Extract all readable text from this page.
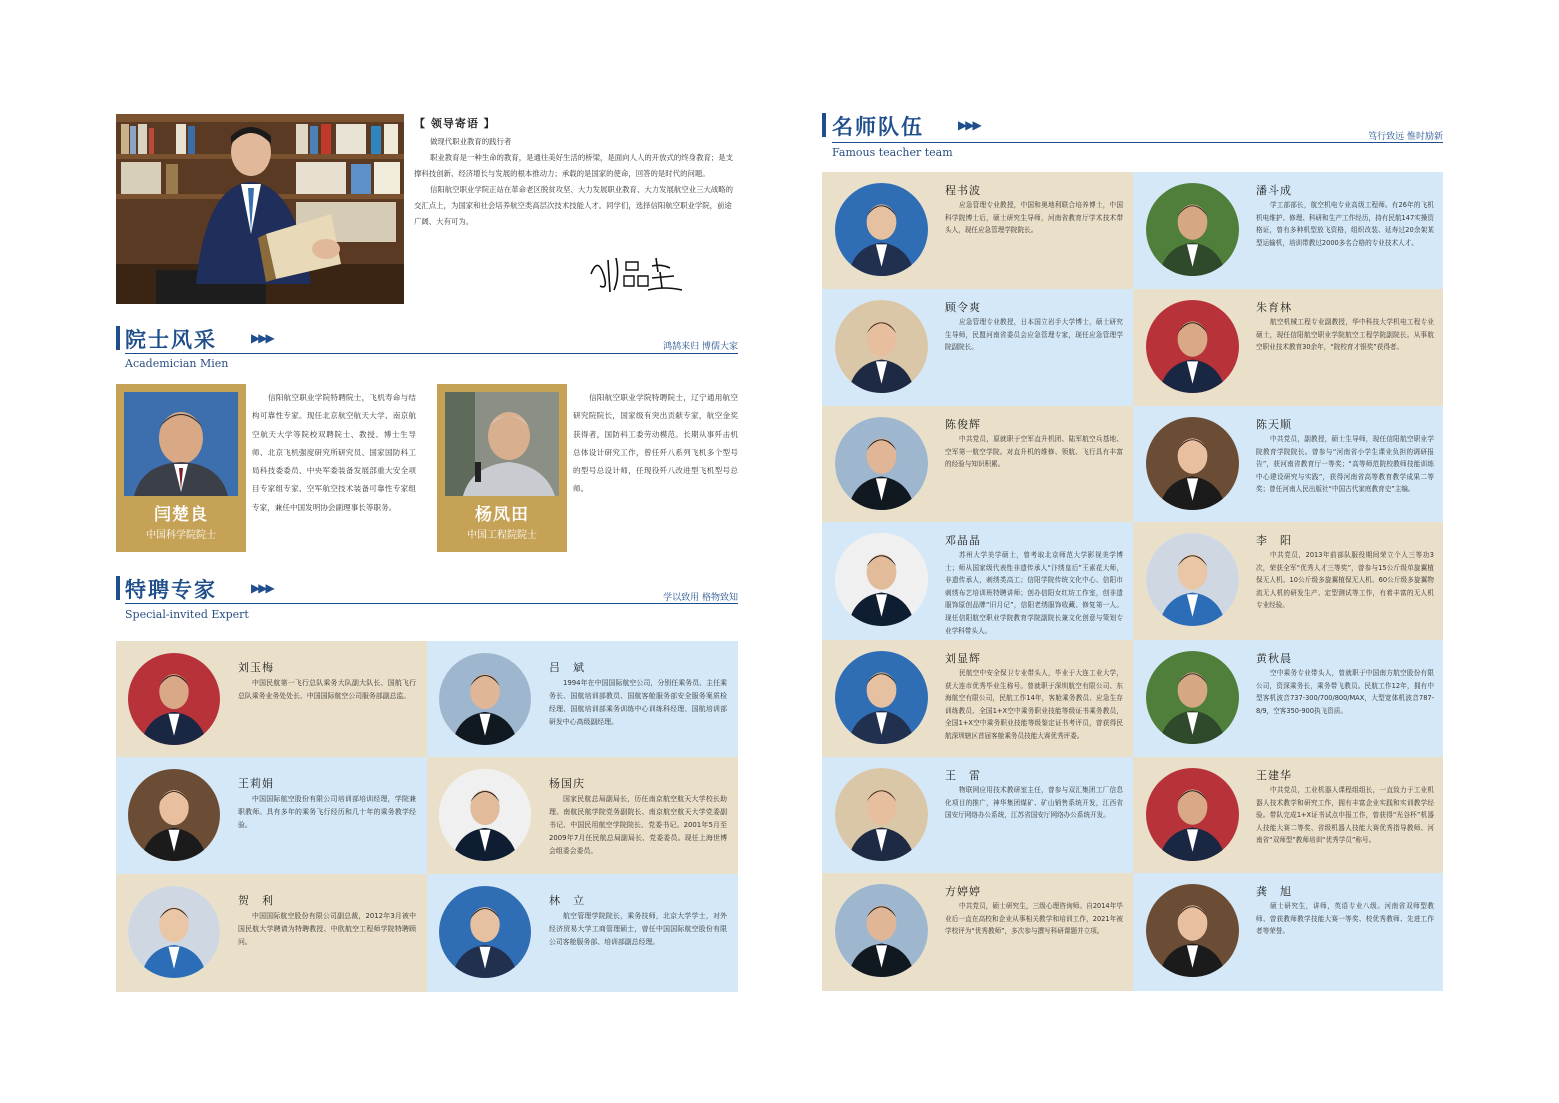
【 领导寄语 】

做现代职业教育的践行者

职业教育是一种生命的教育，是通往美好生活的桥梁，是面向人人的开放式的终身教育；是支撑科技创新、经济增长与发展的根本推动力；承载的是国家的使命，回答的是时代的问题。

信阳航空职业学院正站在革命老区脱贫攻坚、大力发展职业教育、大力发展航空业三大战略的交汇点上，为国家和社会培养航空类高层次技术技能人才。同学们，选择信阳航空职业学院，前途广阔、大有可为。

院士风采	▶▶▶
鸿鹄来归 博儒大家
Academician Mien
闫楚良
中国科学院院士
信阳航空职业学院特聘院士，飞机寿命与结构可靠性专家。现任北京航空航天大学、南京航空航天大学等院校双聘院士、教授、博士生导师、北京飞机强度研究所研究员、国家国防科工局科技委委员、中央军委装备发展部重大安全项目专家组专家、空军航空技术装备可靠性专家组专家，兼任中国发明协会副理事长等职务。	杨凤田
中国工程院院士
信阳航空职业学院特聘院士，辽宁通用航空研究院院长，国家级有突出贡献专家，航空金奖获得者，国防科工委劳动模范。长期从事歼击机总体设计研究工作，曾任歼八系列飞机多个型号的型号总设计师，任现役歼八改进型飞机型号总师。
特聘专家	▶▶▶
学以致用 格物致知
Special-invited Expert
刘玉梅
中国民航第一飞行总队乘务大队副大队长、国航飞行总队乘务业务处处长、中国国际航空公司服务部副总监。
吕　斌
1994年在中国国际航空公司，分别任乘务员、主任乘务长、国航培训部教员、国航客舱服务部安全服务案质检经理、国航培训部乘务训练中心训练科经理、国航培训部研发中心高级副经理。
王莉娟
中国国际航空股份有限公司培训部培训经理，学院兼职教师。具有多年的乘务飞行经历和几十年的乘务教学经验。
杨国庆
国家民航总局副局长，历任南京航空航天大学校长助理、南航民航学院党务副院长、南京航空航天大学党委副书记、中国民用航空学院院长、党委书记。2001年5月至2009年7月任民航总局副局长、党委委员。现任上海世博会组委会委员。
贺　利
中国国际航空股份有限公司副总裁，2012年3月被中国民航大学聘请为特聘教授、中欧航空工程师学院特聘顾问。
林　立
航空管理学院院长，乘务技师，北京大学学士，对外经济贸易大学工商管理硕士，曾任中国国际航空股份有限公司客舱服务部、培训部副总经理。
名师队伍	▶▶▶
笃行致远 惟时励新
Famous teacher team
程书波
应急管理专业教授，中国和奥地利联合培养博士，中国科学院博士后，硕士研究生导师，河南省教育厅学术技术带头人，现任应急管理学院院长。
潘斗成
学工部部长，航空机电专业高级工程师。有26年的飞机机电维护、修理、科研和生产工作经历，持有民航147实操资格证，曾有多种机型放飞资格，组织改装、延寿过20余架某型运输机，培训带教过2000多名合格的专业技术人才。
顾令爽
应急管理专业教授，日本国立岩手大学博士，硕士研究生导师，民盟河南省委员会应急管理专家，现任应急管理学院副院长。
朱育林
航空机械工程专业副教授，华中科技大学机电工程专业硕士，现任信阳航空职业学院航空工程学院副院长。从事航空职业技术教育30余年，“院校育才银奖”获得者。
陈俊辉
中共党员，原就职于空军直升机团、陆军航空兵基地、空军第一航空学院。对直升机的维修、领航、飞行具有丰富的经验与知识积累。
陈天顺
中共党员，副教授，硕士生导师，现任信阳航空职业学院教育学院院长。曾参与“河南省小学生课业负担的调研报告”，获河南省教育厅一等奖；“高等师范院校教师技能训练中心建设研究与实践”，获得河南省高等教育教学成果二等奖；曾任河南人民出版社“中国古代家庭教育史”主编。
邓晶晶
苏州大学美学硕士，曾考取北京师范大学影视美学博士；师从国家级代表性非遗传承人“汴绣皇后”王素花大师，非遗传承人，刺绣类高工；信阳学院传统文化中心、信阳市刺绣布艺培训班特聘讲师；创办信阳女红坊工作室，创非遗服饰原创品牌“旧月记”，信阳老绣服饰收藏、修复第一人。现任信阳航空职业学院教育学院副院长兼文化创意与策划专业学科带头人。
李　阳
中共党员，2013年前部队服役期间荣立个人三等功3次，荣获全军“优秀人才三等奖”，曾参与15公斤级单旋翼植保无人机、10公斤级多旋翼植保无人机、60公斤级多旋翼物流无人机的研发生产、定型测试等工作，有着丰富的无人机专业经验。
刘显辉
民航空中安全保卫专业带头人，毕业于大连工业大学，获大连市优秀毕业生称号。曾就职于深圳航空有限公司、东海航空有限公司，民航工作14年，客舱乘务教员、应急生存训练教员、全国1+X空中乘务职业技能等级证书乘务教员，全国1+X空中乘务职业技能等级鉴定证书考评员，曾获得民航深圳辖区首届客舱乘务员技能大赛优秀评委。
黄秋晨
空中乘务专业带头人，曾就职于中国南方航空股份有限公司，资深乘务长，乘务带飞教员。民航工作12年，拥有中型客机波音737-300/700/800/MAX，大型宽体机波音787-8/9，空客350-900执飞资质。
王　雷
物联网应用技术教研室主任，曾参与双汇集团工厂信息化项目的推广，神华集团煤矿、矿山销售系统开发，江西省国安厅网络办公系统，江苏省国安厅网络办公系统开发。
王建华
中共党员，工业机器人课程组组长，一直致力于工业机器人技术教学和研究工作，拥有丰富企业实践和实训教学经验。带队完成1+X证书试点申报工作，曾获得“光谷杯”机器人技能大赛二等奖、省级机器人技能大赛优秀指导教师、河南省“双师型”教师培训“优秀学员”称号。
方婷婷
中共党员，硕士研究生，三级心理咨询师。自2014年毕业后一直在高校和企业从事相关教学和培训工作，2021年被学校评为“优秀教师”，多次参与撰写科研课题并立项。
龚　旭
硕士研究生，讲师，英语专业八级。河南省双师型教师、曾获教师教学技能大赛一等奖、校优秀教师、先进工作者等荣誉。
